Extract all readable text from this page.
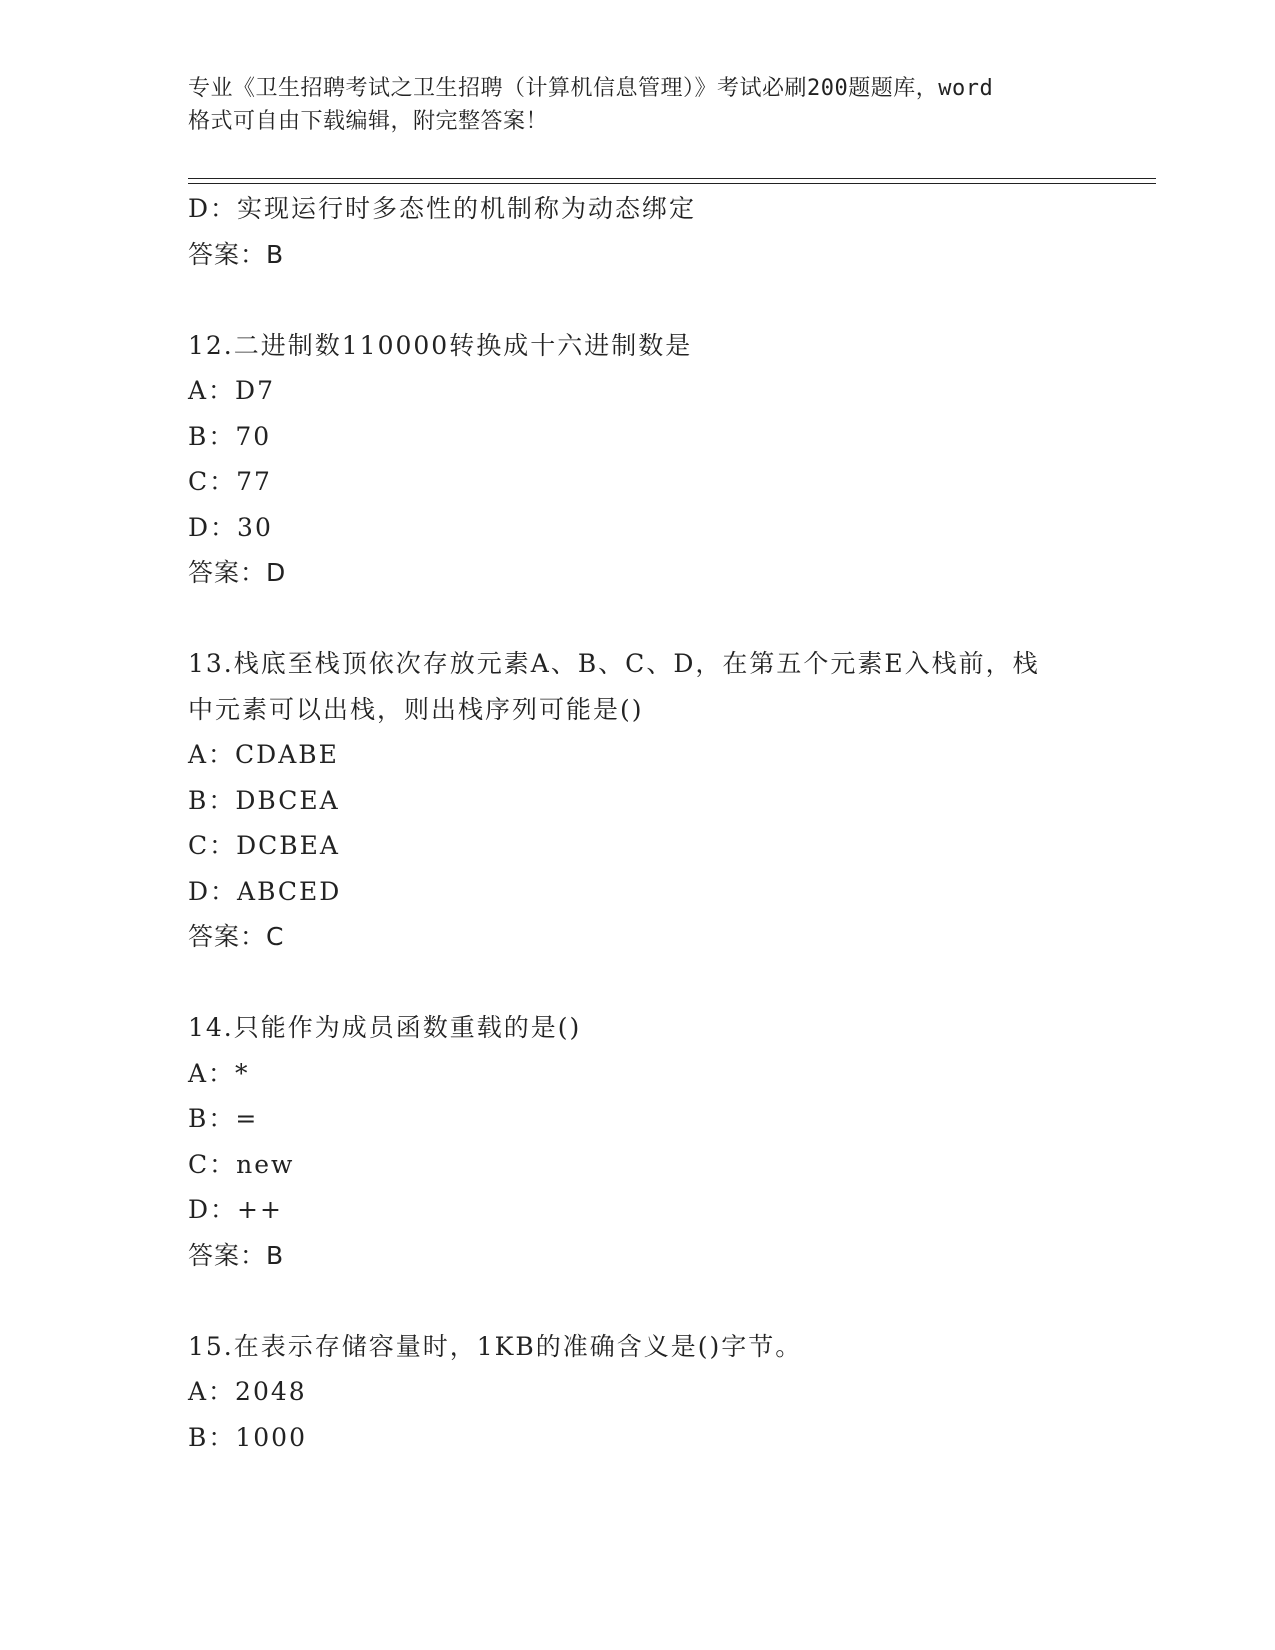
专业《卫生招聘考试之卫生招聘（计算机信息管理）》考试必刷200题题库，word
格式可自由下载编辑，附完整答案！
D：实现运行时多态性的机制称为动态绑定
答案：B
12.二进制数110000转换成十六进制数是
A：D7
B：70
C：77
D：30
答案：D
13.栈底至栈顶依次存放元素A、B、C、D，在第五个元素E入栈前，栈
中元素可以出栈，则出栈序列可能是()
A：CDABE
B：DBCEA
C：DCBEA
D：ABCED
答案：C
14.只能作为成员函数重载的是()
A：*
B：=
C：new
D：++
答案：B
15.在表示存储容量时，1KB的准确含义是()字节。
A：2048
B：1000
